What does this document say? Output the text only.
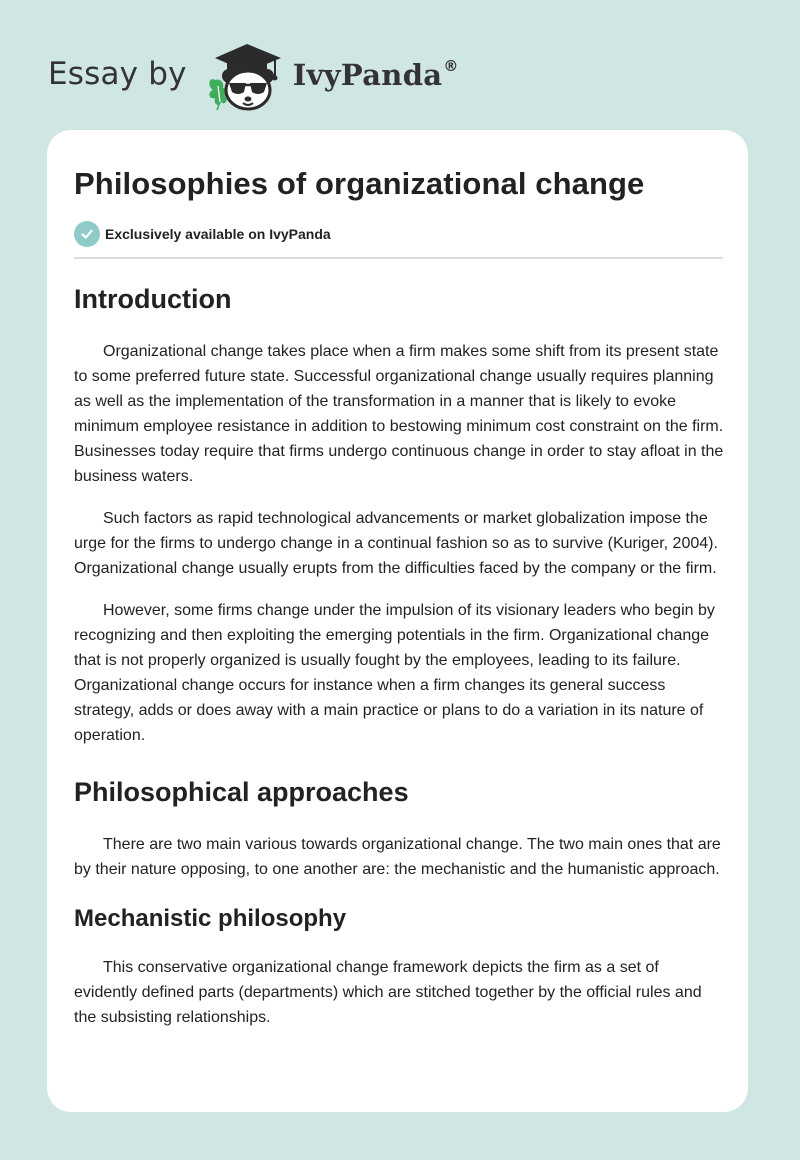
Essay by	IvyPanda®
Philosophies of organizational change
Exclusively available on IvyPanda
Introduction

Organizational change takes place when a firm makes some shift from its present state to some preferred future state. Successful organizational change usually requires planning as well as the implementation of the transformation in a manner that is likely to evoke minimum employee resistance in addition to bestowing minimum cost constraint on the firm. Businesses today require that firms undergo continuous change in order to stay afloat in the business waters.

Such factors as rapid technological advancements or market globalization impose the urge for the firms to undergo change in a continual fashion so as to survive (Kuriger, 2004). Organizational change usually erupts from the difficulties faced by the company or the firm.

However, some firms change under the impulsion of its visionary leaders who begin by recognizing and then exploiting the emerging potentials in the firm. Organizational change that is not properly organized is usually fought by the employees, leading to its failure. Organizational change occurs for instance when a firm changes its general success strategy, adds or does away with a main practice or plans to do a variation in its nature of operation.

Philosophical approaches

There are two main various towards organizational change. The two main ones that are by their nature opposing, to one another are: the mechanistic and the humanistic approach.

Mechanistic philosophy

This conservative organizational change framework depicts the firm as a set of evidently defined parts (departments) which are stitched together by the official rules and the subsisting relationships.
